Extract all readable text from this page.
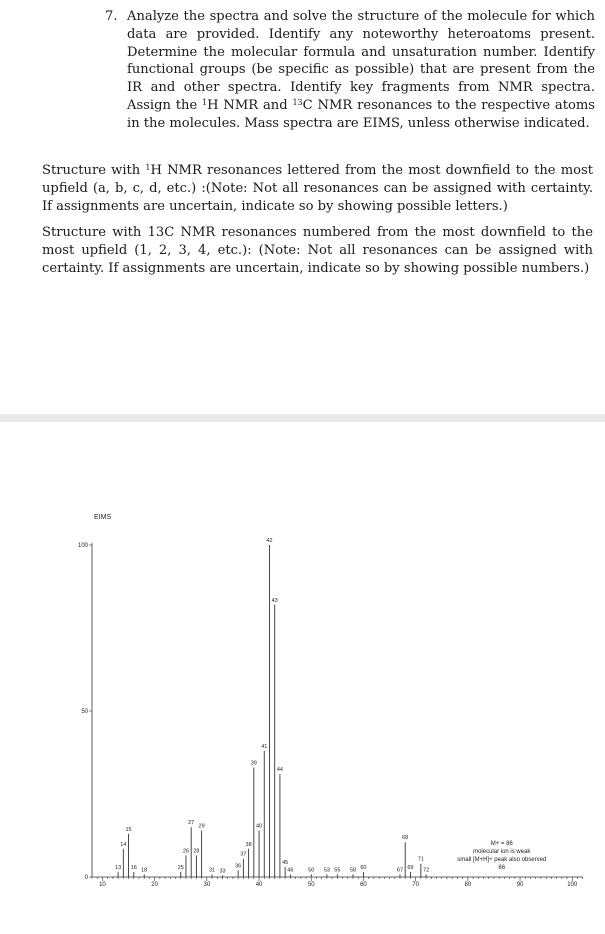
7. Analyze the spectra and solve the structure of the molecule for which data are provided. Identify any noteworthy heteroatoms present. Determine the molecular formula and unsaturation number. Identify functional groups (be specific as possible) that are present from the IR and other spectra. Identify key fragments from NMR spectra. Assign the $^1$H NMR and $^{13}$C NMR resonances to the respective atoms in the molecules. Mass spectra are EIMS, unless otherwise indicated.
Structure with $^1$H NMR resonances lettered from the most downfield to the most upfield (a, b, c, d, etc.) :(Note: Not all resonances can be assigned with certainty. If assignments are uncertain, indicate so by showing possible letters.)
Structure with 13C NMR resonances numbered from the most downfield to the most upfield (1, 2, 3, 4, etc.): (Note: Not all resonances can be assigned with certainty. If assignments are uncertain, indicate so by showing possible numbers.)
EIMS
10	20	30	40	50	60	70	80	90	100
0
50
100
13
14
15
16 18	25
26
27
28
29
31 33
36
37
38
39
40
41
42
43
44
45
46	50 53 55 58 60	67
68
69
71
72
M+ = 86
molecular ion is weak
small [M+H]+ peak also observed
86
